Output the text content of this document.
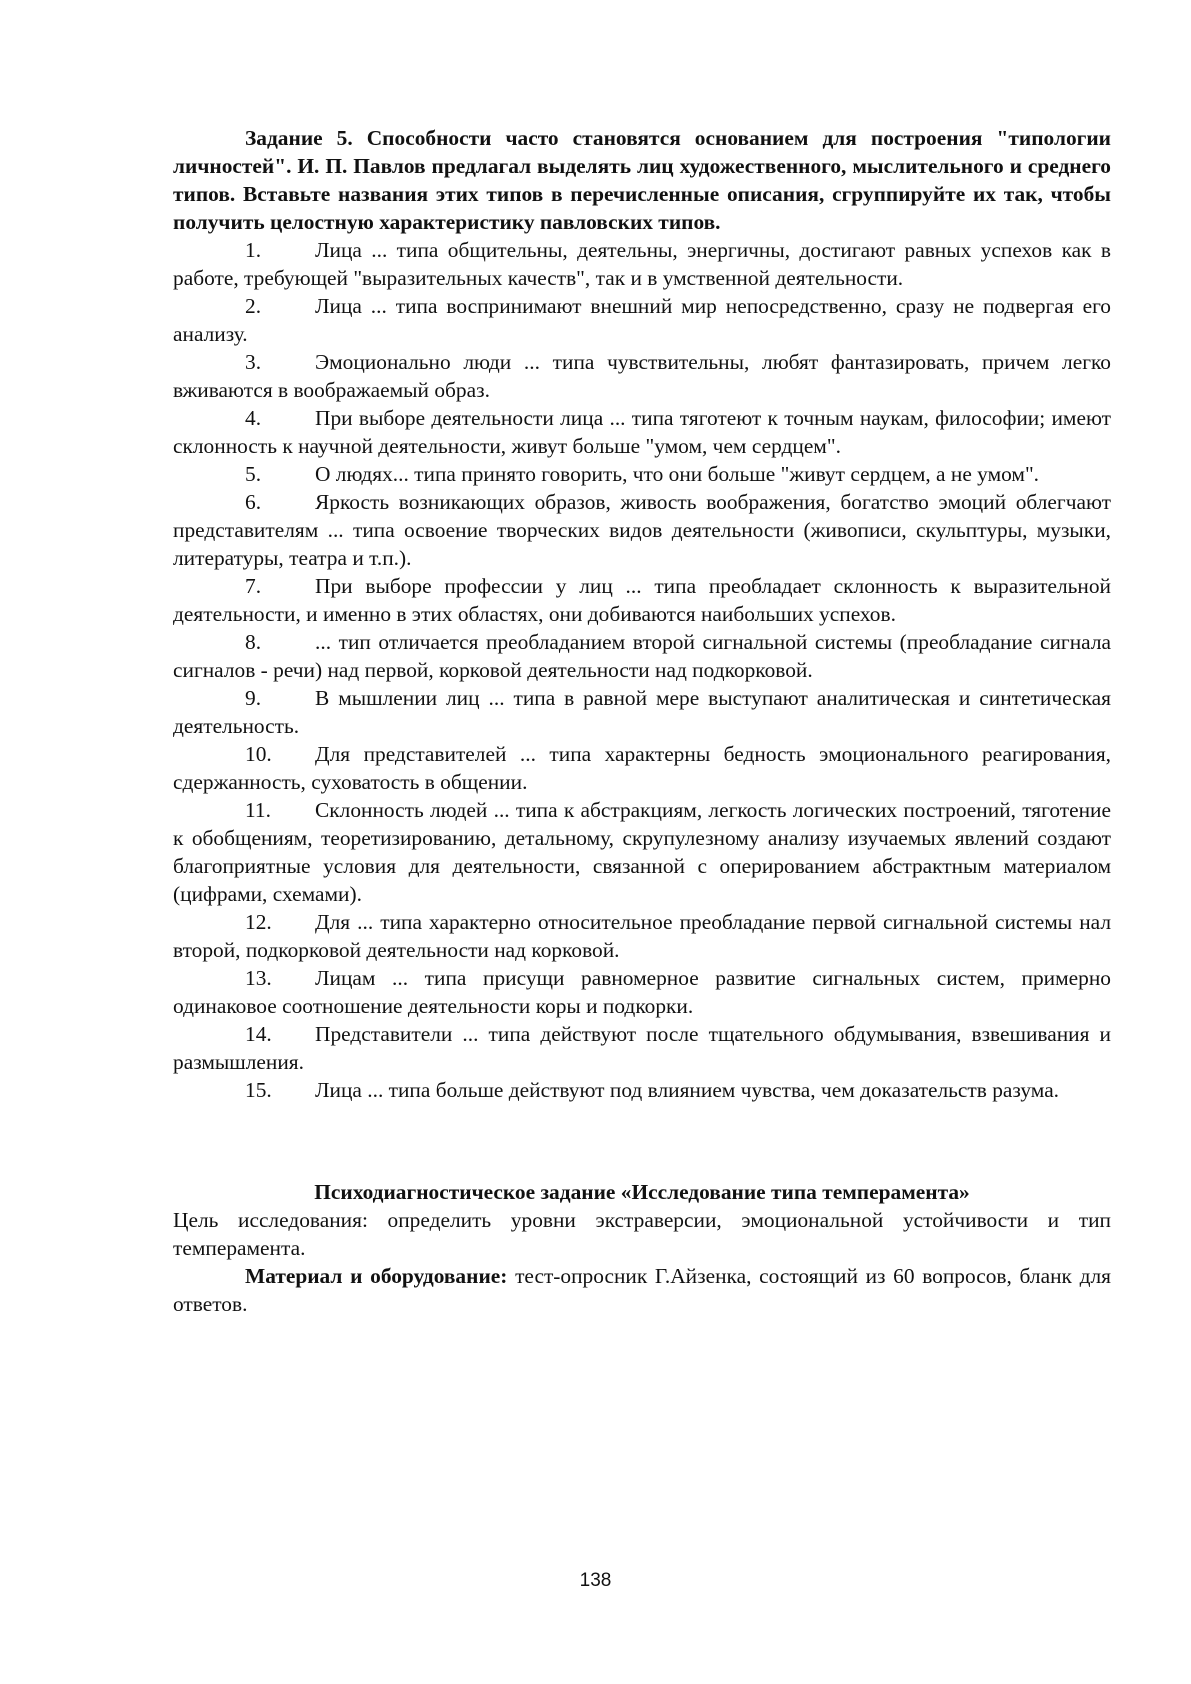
Задание 5. Способности часто становятся основанием для построения "типологии личностей". И. П. Павлов предлагал выделять лиц художественного, мыслительного и среднего типов. Вставьте названия этих типов в перечисленные описания, сгруппируйте их так, чтобы получить целостную характеристику павловских типов.

1.	Лица ... типа общительны, деятельны, энергичны, достигают равных успехов как в работе, требующей "выразительных качеств", так и в умственной деятельности.

2.	Лица ... типа воспринимают внешний мир непосредственно, сразу не подвергая его анализу.

3.	Эмоционально люди ... типа чувствительны, любят фантазировать, причем легко вживаются в воображаемый образ.

4.	При выборе деятельности лица ... типа тяготеют к точным наукам, философии; имеют склонность к научной деятельности, живут больше "умом, чем сердцем".

5.	О людях... типа принято говорить, что они больше "живут сердцем, а не умом".

6.	Яркость возникающих образов, живость воображения, богатство эмоций облегчают представителям ... типа освоение творческих видов деятельности (живописи, скульптуры, музыки, литературы, театра и т.п.).

7.	При выборе профессии у лиц ... типа преобладает склонность к выразительной деятельности, и именно в этих областях, они добиваются наибольших успехов.

8.	... тип отличается преобладанием второй сигнальной системы (преобладание сигнала сигналов - речи) над первой, корковой деятельности над подкорковой.

9.	В мышлении лиц ... типа в равной мере выступают аналитическая и синтетическая деятельность.

10. Для представителей ... типа характерны бедность эмоционального реагирования, сдержанность, суховатость в общении.

11. Склонность людей ... типа к абстракциям, легкость логических построений, тяготение к обобщениям, теоретизированию, детальному, скрупулезному анализу изучаемых явлений создают благоприятные условия для деятельности, связанной с оперированием абстрактным материалом (цифрами, схемами).

12. Для ... типа характерно относительное преобладание первой сигнальной системы нал второй, подкорковой деятельности над корковой.

13. Лицам ... типа присущи равномерное развитие сигнальных систем, примерно одинаковое соотношение деятельности коры и подкорки.

14. Представители ... типа действуют после тщательного обдумывания, взвешивания и размышления.

15. Лица ... типа больше действуют под влиянием чувства, чем доказательств разума.

Психодиагностическое задание «Исследование типа темперамента»

Цель исследования: определить уровни экстраверсии, эмоциональной устойчивости и тип темперамента.

Материал и оборудование: тест-опросник Г.Айзенка, состоящий из 60 вопросов, бланк для ответов.

138
